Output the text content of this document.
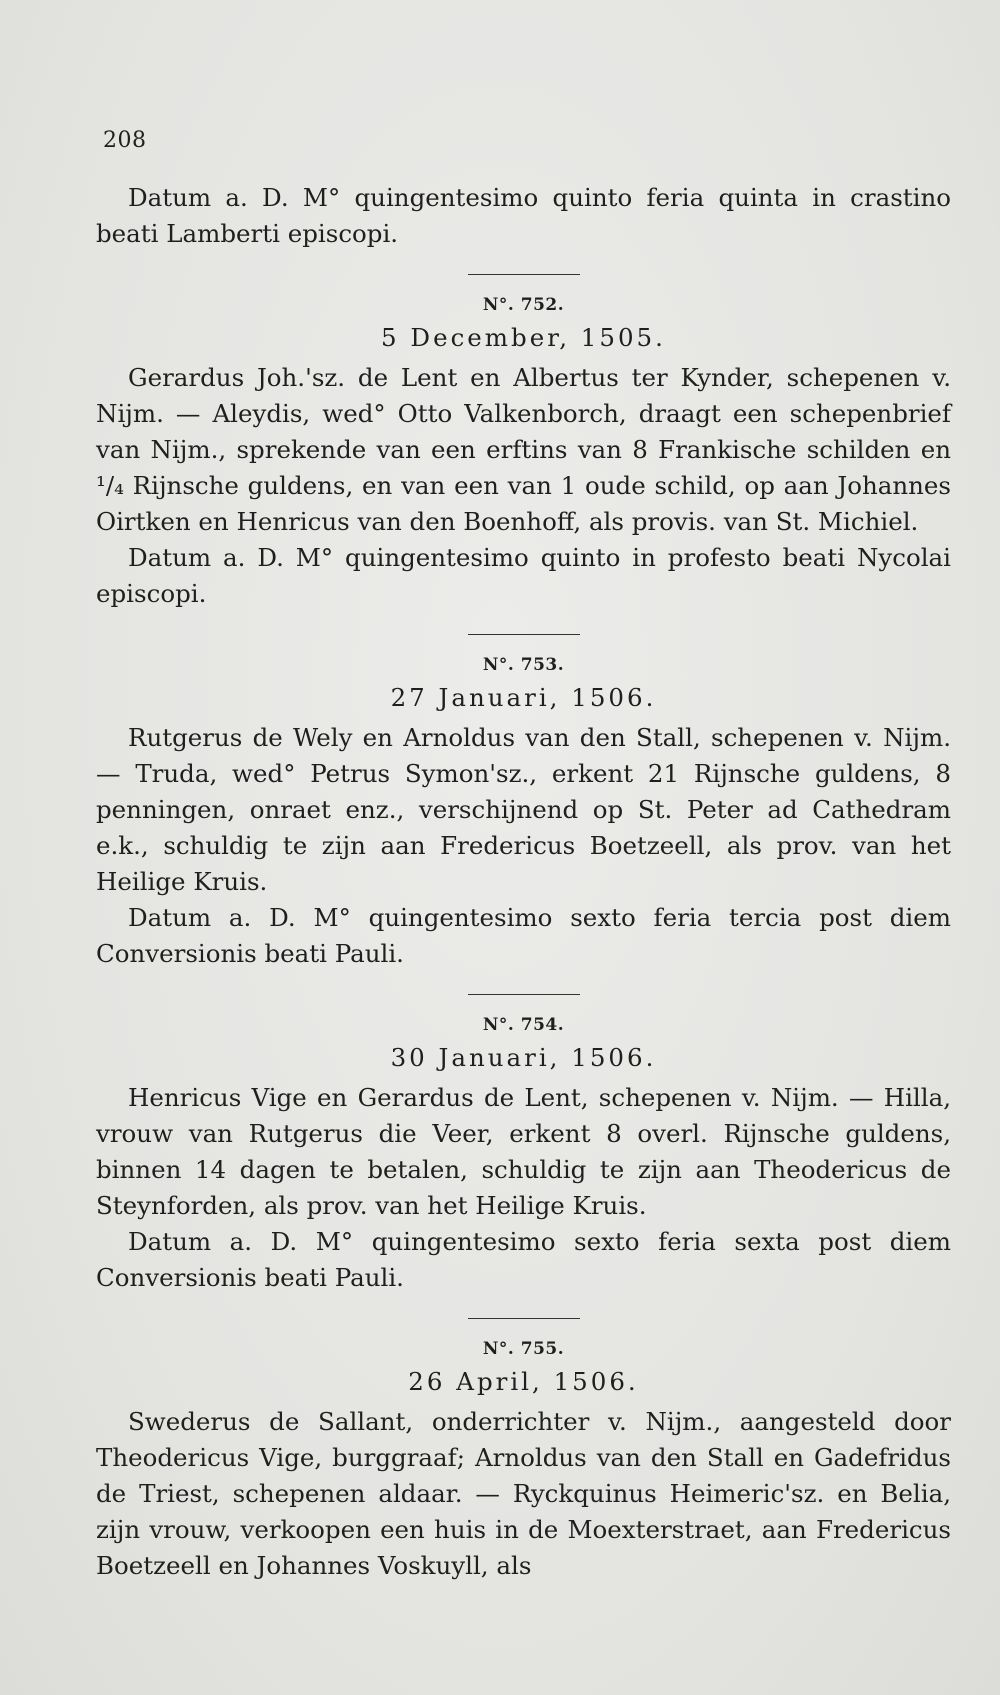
208

Datum a. D. M° quingentesimo quinto feria quinta in crastino beati Lamberti episcopi.

N°. 752.
5 December, 1505.

Gerardus Joh.'sz. de Lent en Albertus ter Kynder, schepenen v. Nijm. — Aleydis, wed° Otto Valkenborch, draagt een schepenbrief van Nijm., sprekende van een erftins van 8 Frankische schilden en ¹/₄ Rijnsche guldens, en van een van 1 oude schild, op aan Johannes Oirtken en Henricus van den Boenhoff, als provis. van St. Michiel.

Datum a. D. M° quingentesimo quinto in profesto beati Nycolai episcopi.

N°. 753.
27 Januari, 1506.

Rutgerus de Wely en Arnoldus van den Stall, schepenen v. Nijm. — Truda, wed° Petrus Symon'sz., erkent 21 Rijnsche guldens, 8 penningen, onraet enz., verschijnend op St. Peter ad Cathedram e.k., schuldig te zijn aan Fredericus Boetzeell, als prov. van het Heilige Kruis.

Datum a. D. M° quingentesimo sexto feria tercia post diem Conversionis beati Pauli.

N°. 754.
30 Januari, 1506.

Henricus Vige en Gerardus de Lent, schepenen v. Nijm. — Hilla, vrouw van Rutgerus die Veer, erkent 8 overl. Rijnsche guldens, binnen 14 dagen te betalen, schuldig te zijn aan Theodericus de Steynforden, als prov. van het Heilige Kruis.

Datum a. D. M° quingentesimo sexto feria sexta post diem Conversionis beati Pauli.

N°. 755.
26 April, 1506.

Swederus de Sallant, onderrichter v. Nijm., aangesteld door Theodericus Vige, burggraaf; Arnoldus van den Stall en Gadefridus de Triest, schepenen aldaar. — Ryckquinus Heimeric'sz. en Belia, zijn vrouw, verkoopen een huis in de Moexterstraet, aan Fredericus Boetzeell en Johannes Voskuyll, als
